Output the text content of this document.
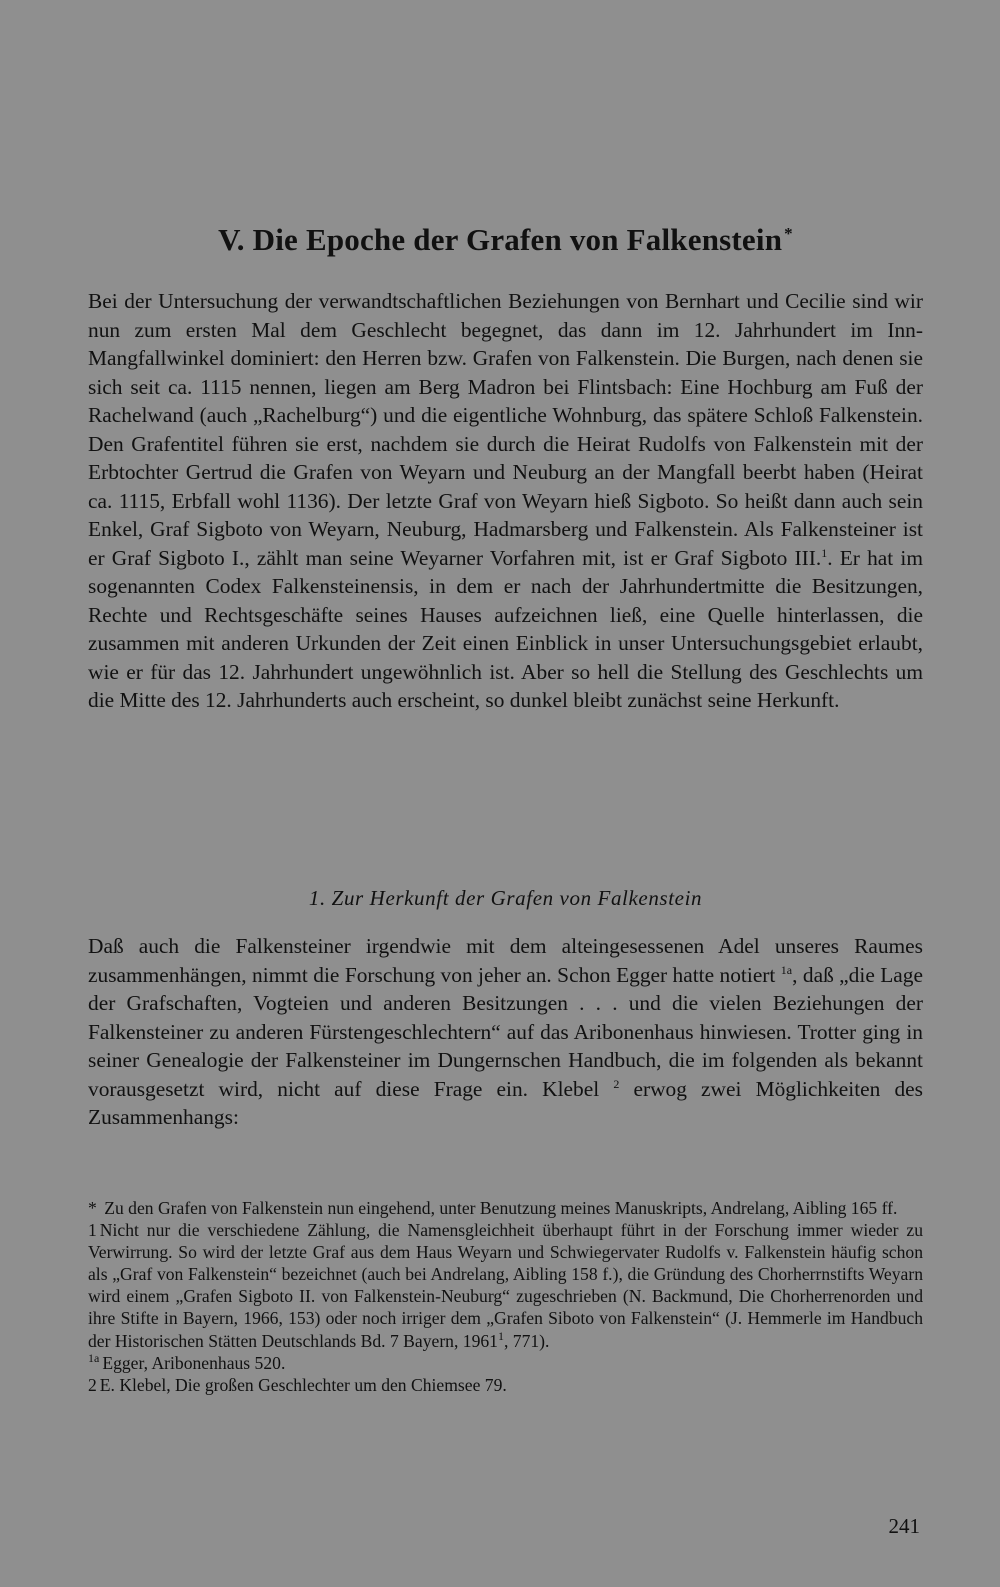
V. Die Epoche der Grafen von Falkenstein *

Bei der Untersuchung der verwandtschaftlichen Beziehungen von Bernhart und Cecilie sind wir nun zum ersten Mal dem Geschlecht begegnet, das dann im 12. Jahrhundert im Inn-Mangfallwinkel dominiert: den Herren bzw. Grafen von Falkenstein. Die Burgen, nach denen sie sich seit ca. 1115 nennen, liegen am Berg Madron bei Flintsbach: Eine Hochburg am Fuß der Rachelwand (auch „Rachelburg“) und die eigentliche Wohnburg, das spätere Schloß Falkenstein. Den Grafentitel führen sie erst, nachdem sie durch die Heirat Rudolfs von Falkenstein mit der Erbtochter Gertrud die Grafen von Weyarn und Neuburg an der Mangfall beerbt haben (Heirat ca. 1115, Erbfall wohl 1136). Der letzte Graf von Weyarn hieß Sigboto. So heißt dann auch sein Enkel, Graf Sigboto von Weyarn, Neuburg, Hadmarsberg und Falkenstein. Als Falkensteiner ist er Graf Sigboto I., zählt man seine Weyarner Vorfahren mit, ist er Graf Sigboto III.$^1$. Er hat im sogenannten Codex Falkensteinensis, in dem er nach der Jahrhundertmitte die Besitzungen, Rechte und Rechtsgeschäfte seines Hauses aufzeichnen ließ, eine Quelle hinterlassen, die zusammen mit anderen Urkunden der Zeit einen Einblick in unser Untersuchungsgebiet erlaubt, wie er für das 12. Jahrhundert ungewöhnlich ist. Aber so hell die Stellung des Geschlechts um die Mitte des 12. Jahrhunderts auch erscheint, so dunkel bleibt zunächst seine Herkunft.

1. Zur Herkunft der Grafen von Falkenstein

Daß auch die Falkensteiner irgendwie mit dem alteingesessenen Adel unseres Raumes zusammenhängen, nimmt die Forschung von jeher an. Schon Egger hatte notiert $^{1a}$, daß „die Lage der Grafschaften, Vogteien und anderen Besitzungen . . . und die vielen Beziehungen der Falkensteiner zu anderen Fürstengeschlechtern“ auf das Aribonenhaus hinwiesen. Trotter ging in seiner Genealogie der Falkensteiner im Dungernschen Handbuch, die im folgenden als bekannt vorausgesetzt wird, nicht auf diese Frage ein. Klebel $^2$ erwog zwei Möglichkeiten des Zusammenhangs:

* Zu den Grafen von Falkenstein nun eingehend, unter Benutzung meines Manuskripts, Andrelang, Aibling 165 ff.

1 Nicht nur die verschiedene Zählung, die Namensgleichheit überhaupt führt in der Forschung immer wieder zu Verwirrung. So wird der letzte Graf aus dem Haus Weyarn und Schwiegervater Rudolfs v. Falkenstein häufig schon als „Graf von Falkenstein“ bezeichnet (auch bei Andrelang, Aibling 158 f.), die Gründung des Chorherrnstifts Weyarn wird einem „Grafen Sigboto II. von Falkenstein-Neuburg“ zugeschrieben (N. Backmund, Die Chorherrenorden und ihre Stifte in Bayern, 1966, 153) oder noch irriger dem „Grafen Siboto von Falkenstein“ (J. Hemmerle im Handbuch der Historischen Stätten Deutschlands Bd. 7 Bayern, 1961$^1$, 771).

$^{1a}$ Egger, Aribonenhaus 520.

2 E. Klebel, Die großen Geschlechter um den Chiemsee 79.

241
